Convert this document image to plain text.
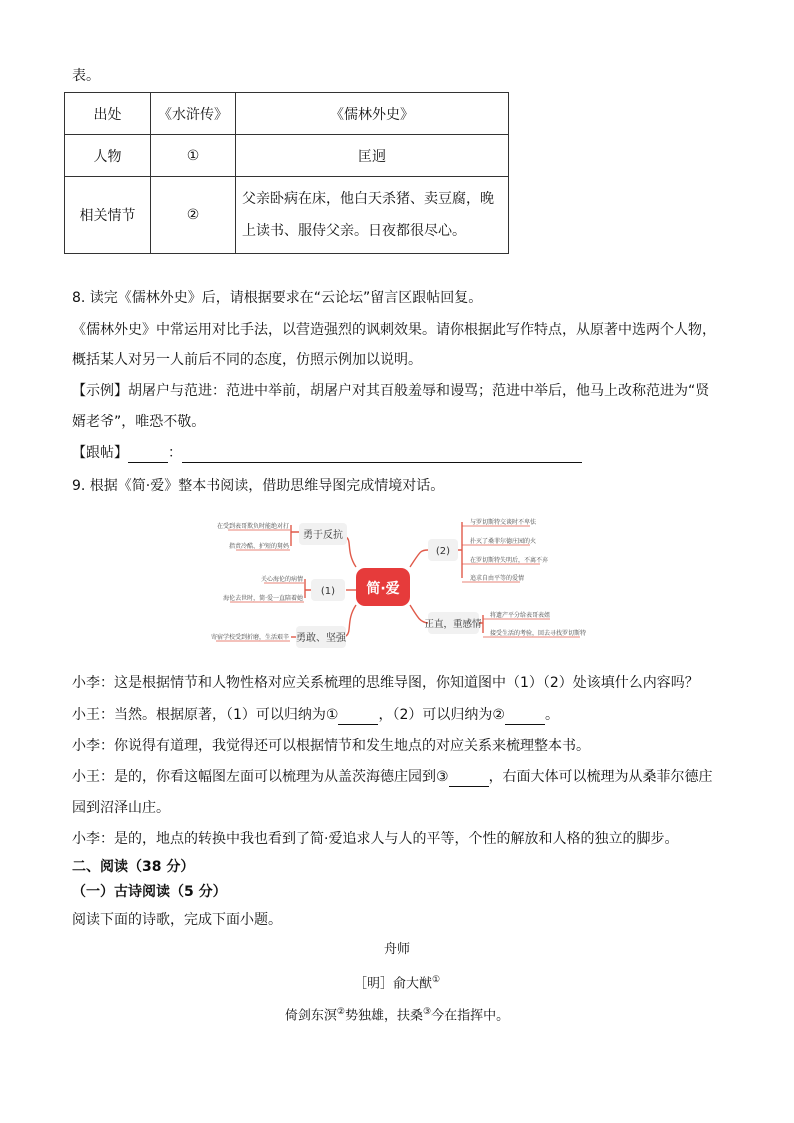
表。
出处	《水浒传》	《儒林外史》
人物	①	匡迥
相关情节	②	父亲卧病在床，他白天杀猪、卖豆腐，晚上读书、服侍父亲。日夜都很尽心。
8. 读完《儒林外史》后，请根据要求在“云论坛”留言区跟帖回复。
《儒林外史》中常运用对比手法，以营造强烈的讽刺效果。请你根据此写作特点，从原著中选两个人物，
概括某人对另一人前后不同的态度，仿照示例加以说明。
【示例】胡屠户与范进：范进中举前，胡屠户对其百般羞辱和谩骂；范进中举后，他马上改称范进为“贤
婿老爷”，唯恐不敬。
【跟帖】	：
9. 根据《简·爱》整本书阅读，借助思维导图完成情境对话。
简·爱
勇于反抗
(1)
勇敢、坚强
(2)
正直，重感情
在受到表哥欺负时能绝对打
指责冷酷、护短的舅妈
关心海伦的病情
海伦去世时，简·爱一直陪着她
寄宿学校受到折磨，生活艰辛
与罗切斯特交谈时不卑怯
扑灭了桑菲尔德庄园的火
在罗切斯特失明后，不离不弃
追求自由平等的爱情
将遗产平分给表哥表姐
接受生活的考验，回去寻找罗切斯特
小李：这是根据情节和人物性格对应关系梳理的思维导图，你知道图中（1）（2）处该填什么内容吗？
小王：当然。根据原著，（1）可以归纳为①	，（2）可以归纳为②	。
小李：你说得有道理，我觉得还可以根据情节和发生地点的对应关系来梳理整本书。
小王：是的，你看这幅图左面可以梳理为从盖茨海德庄园到③	，右面大体可以梳理为从桑菲尔德庄
园到沼泽山庄。
小李：是的，地点的转换中我也看到了简·爱追求人与人的平等，个性的解放和人格的独立的脚步。
二、阅读（38 分）
（一）古诗阅读（5 分）
阅读下面的诗歌，完成下面小题。
舟师
［明］俞大猷①
倚剑东溟②势独雄，扶桑③今在指挥中。
